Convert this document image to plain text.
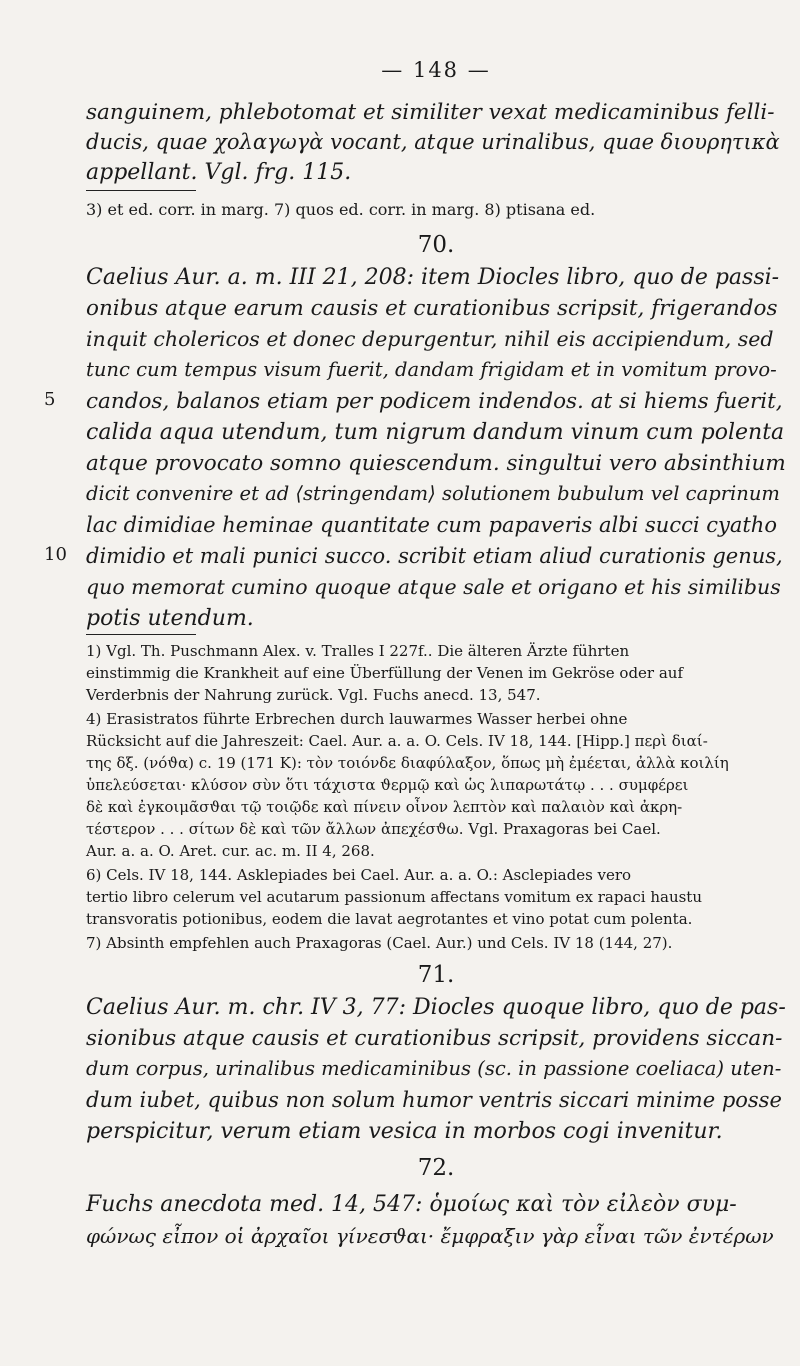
— 148 —
sanguinem, phlebotomat et similiter vexat medicaminibus felli-
ducis, quae χολαγωγὰ vocant, atque urinalibus, quae διουρητικὰ
appellant. Vgl. frg. 115.
3) et ed. corr. in marg. 7) quos ed. corr. in marg. 8) ptisana ed.
70.
Caelius Aur. a. m. III 21, 208: item Diocles libro, quo de passi-
onibus atque earum causis et curationibus scripsit, frigerandos
inquit cholericos et donec depurgentur, nihil eis accipiendum, sed
tunc cum tempus visum fuerit, dandam frigidam et in vomitum provo-
5 candos, balanos etiam per podicem indendos. at si hiems fuerit,
calida aqua utendum, tum nigrum dandum vinum cum polenta
atque provocato somno quiescendum. singultui vero absinthium
dicit convenire et ad ⟨stringendam⟩ solutionem bubulum vel caprinum
lac dimidiae heminae quantitate cum papaveris albi succi cyatho
10 dimidio et mali punici succo. scribit etiam aliud curationis genus,
quo memorat cumino quoque atque sale et origano et his similibus
potis utendum.
1) Vgl. Th. Puschmann Alex. v. Tralles I 227f.. Die älteren Ärzte führten
einstimmig die Krankheit auf eine Überfüllung der Venen im Gekröse oder auf
Verderbnis der Nahrung zurück. Vgl. Fuchs anecd. 13, 547.
4) Erasistratos führte Erbrechen durch lauwarmes Wasser herbei ohne
Rücksicht auf die Jahreszeit: Cael. Aur. a. a. O. Cels. IV 18, 144. [Hipp.] περὶ διαί-
της δξ. (νόϑα) c. 19 (171 K): τὸν τοιόνδε διαφύλαξον, ὅπως μὴ ἐμέεται, ἀλλὰ κοιλίη
ὑπελεύσεται· κλύσον σὺν ὅτι τάχιστα ϑερμῷ καὶ ὡς λιπαρωτάτῳ . . . συμφέρει
δὲ καὶ ἐγκοιμᾶσϑαι τῷ τοιῷδε καὶ πίνειν οἶνον λεπτὸν καὶ παλαιὸν καὶ ἀκρη-
τέστερον . . . σίτων δὲ καὶ τῶν ἄλλων ἀπεχέσϑω. Vgl. Praxagoras bei Cael.
Aur. a. a. O. Aret. cur. ac. m. II 4, 268.
6) Cels. IV 18, 144. Asklepiades bei Cael. Aur. a. a. O.: Asclepiades vero
tertio libro celerum vel acutarum passionum affectans vomitum ex rapaci haustu
transvoratis potionibus, eodem die lavat aegrotantes et vino potat cum polenta.
7) Absinth empfehlen auch Praxagoras (Cael. Aur.) und Cels. IV 18 (144, 27).
71.
Caelius Aur. m. chr. IV 3, 77: Diocles quoque libro, quo de pas-
sionibus atque causis et curationibus scripsit, providens siccan-
dum corpus, urinalibus medicaminibus (sc. in passione coeliaca) uten-
dum iubet, quibus non solum humor ventris siccari minime posse
perspicitur, verum etiam vesica in morbos cogi invenitur.
72.
Fuchs anecdota med. 14, 547: ὁμοίως καὶ τὸν εἰλεὸν συμ-
φώνως εἶπον οἱ ἀρχαῖοι γίνεσϑαι· ἔμφραξιν γὰρ εἶναι τῶν ἐντέρων
